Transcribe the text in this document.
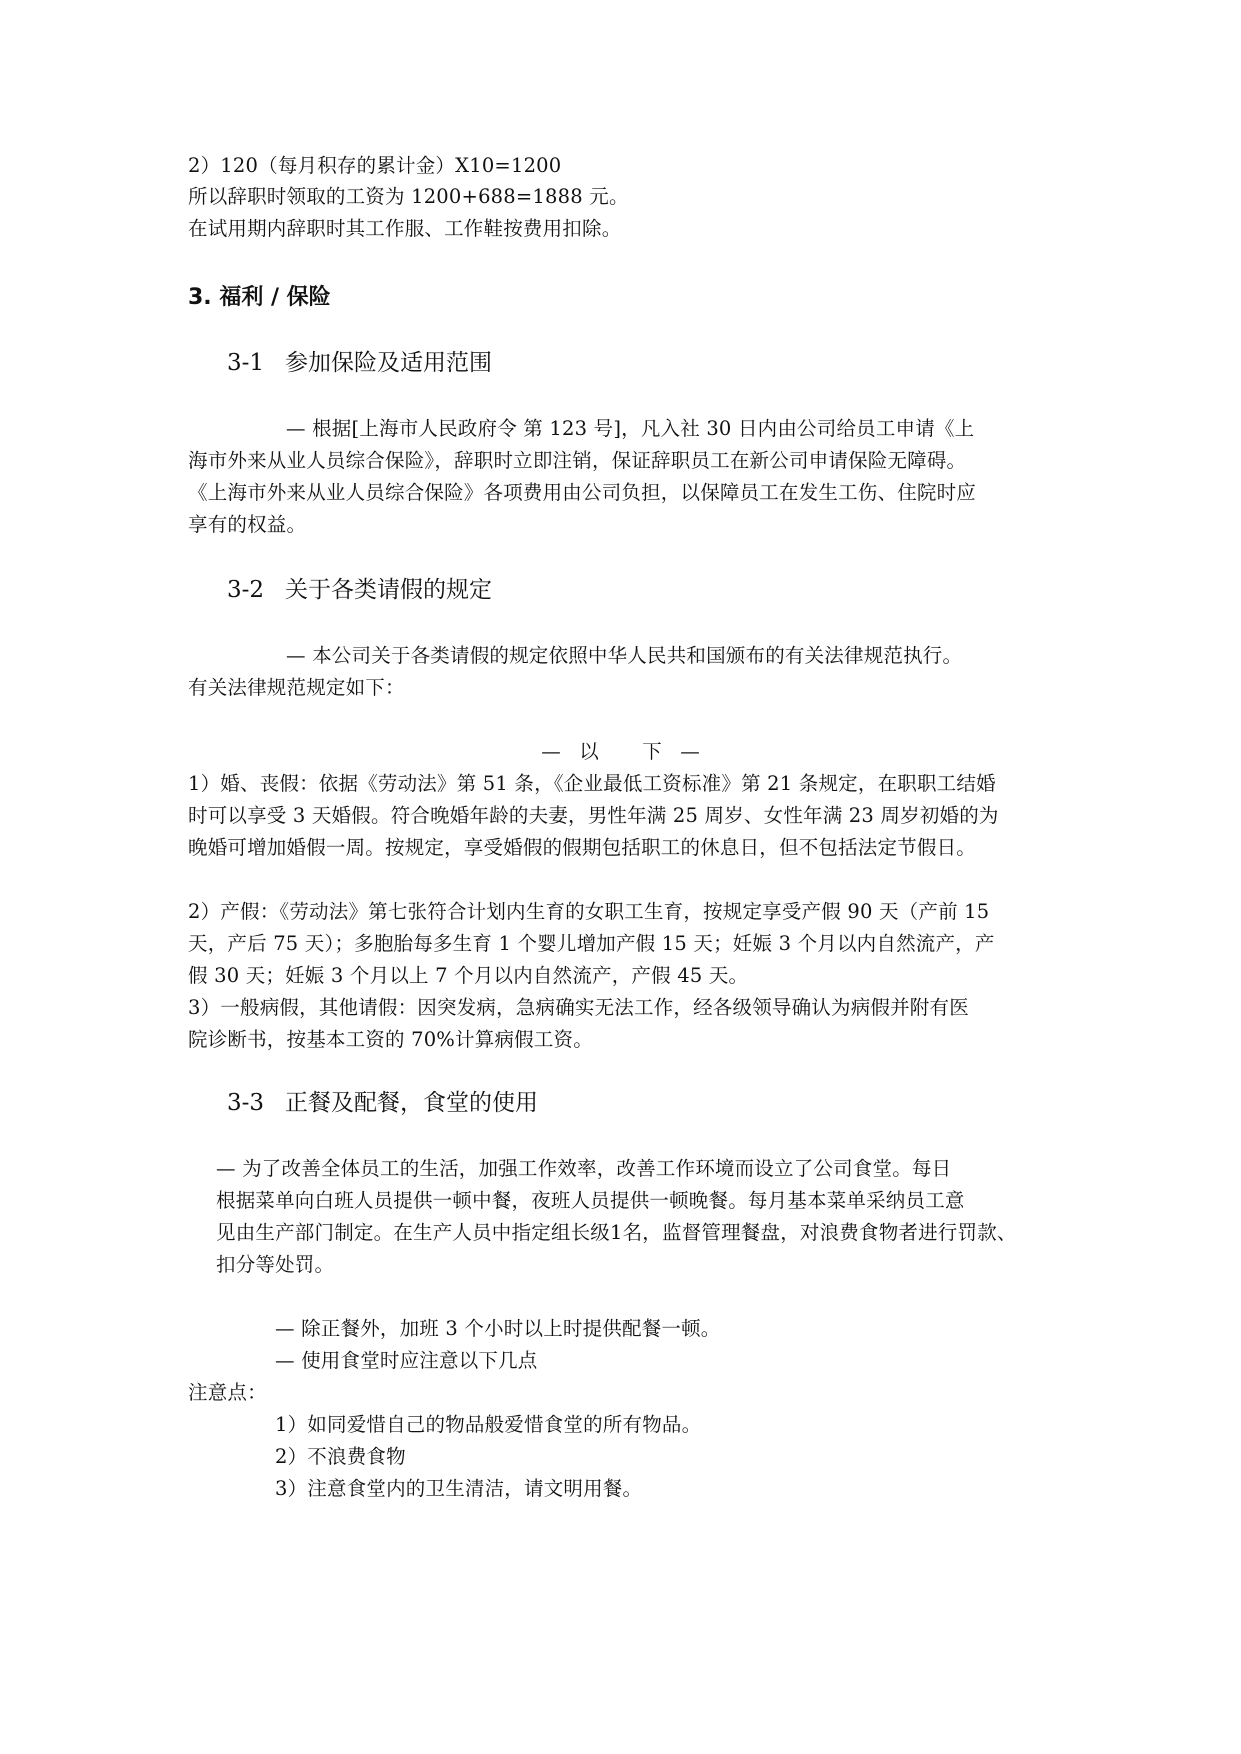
2）120（每月积存的累计金）X10=1200
所以辞职时领取的工资为 1200+688=1888 元。
在试用期内辞职时其工作服、工作鞋按费用扣除。
3. 福利 / 保险
3-1 参加保险及适用范围
— 根据[上海市人民政府令 第 123 号]，凡入社 30 日内由公司给员工申请《上
海市外来从业人员综合保险》，辞职时立即注销，保证辞职员工在新公司申请保险无障碍。
《上海市外来从业人员综合保险》各项费用由公司负担，以保障员工在发生工伤、住院时应
享有的权益。
3-2 关于各类请假的规定
— 本公司关于各类请假的规定依照中华人民共和国颁布的有关法律规范执行。
有关法律规范规定如下：
—   以       下   —
1）婚、丧假：依据《劳动法》第 51 条，《企业最低工资标准》第 21 条规定，在职职工结婚
时可以享受 3 天婚假。符合晚婚年龄的夫妻，男性年满 25 周岁、女性年满 23 周岁初婚的为
晚婚可增加婚假一周。按规定，享受婚假的假期包括职工的休息日，但不包括法定节假日。
2）产假：《劳动法》第七张符合计划内生育的女职工生育，按规定享受产假 90 天（产前 15
天，产后 75 天）；多胞胎每多生育 1 个婴儿增加产假 15 天；妊娠 3 个月以内自然流产，产
假 30 天；妊娠 3 个月以上 7 个月以内自然流产，产假 45 天。
3）一般病假，其他请假：因突发病，急病确实无法工作，经各级领导确认为病假并附有医
院诊断书，按基本工资的 70%计算病假工资。
3-3 正餐及配餐，食堂的使用
— 为了改善全体员工的生活，加强工作效率，改善工作环境而设立了公司食堂。每日
根据菜单向白班人员提供一顿中餐，夜班人员提供一顿晚餐。每月基本菜单采纳员工意
见由生产部门制定。在生产人员中指定组长级1名，监督管理餐盘，对浪费食物者进行罚款、
扣分等处罚。
— 除正餐外，加班 3 个小时以上时提供配餐一顿。
— 使用食堂时应注意以下几点
注意点：
1）如同爱惜自己的物品般爱惜食堂的所有物品。
2）不浪费食物
3）注意食堂内的卫生清洁，请文明用餐。
